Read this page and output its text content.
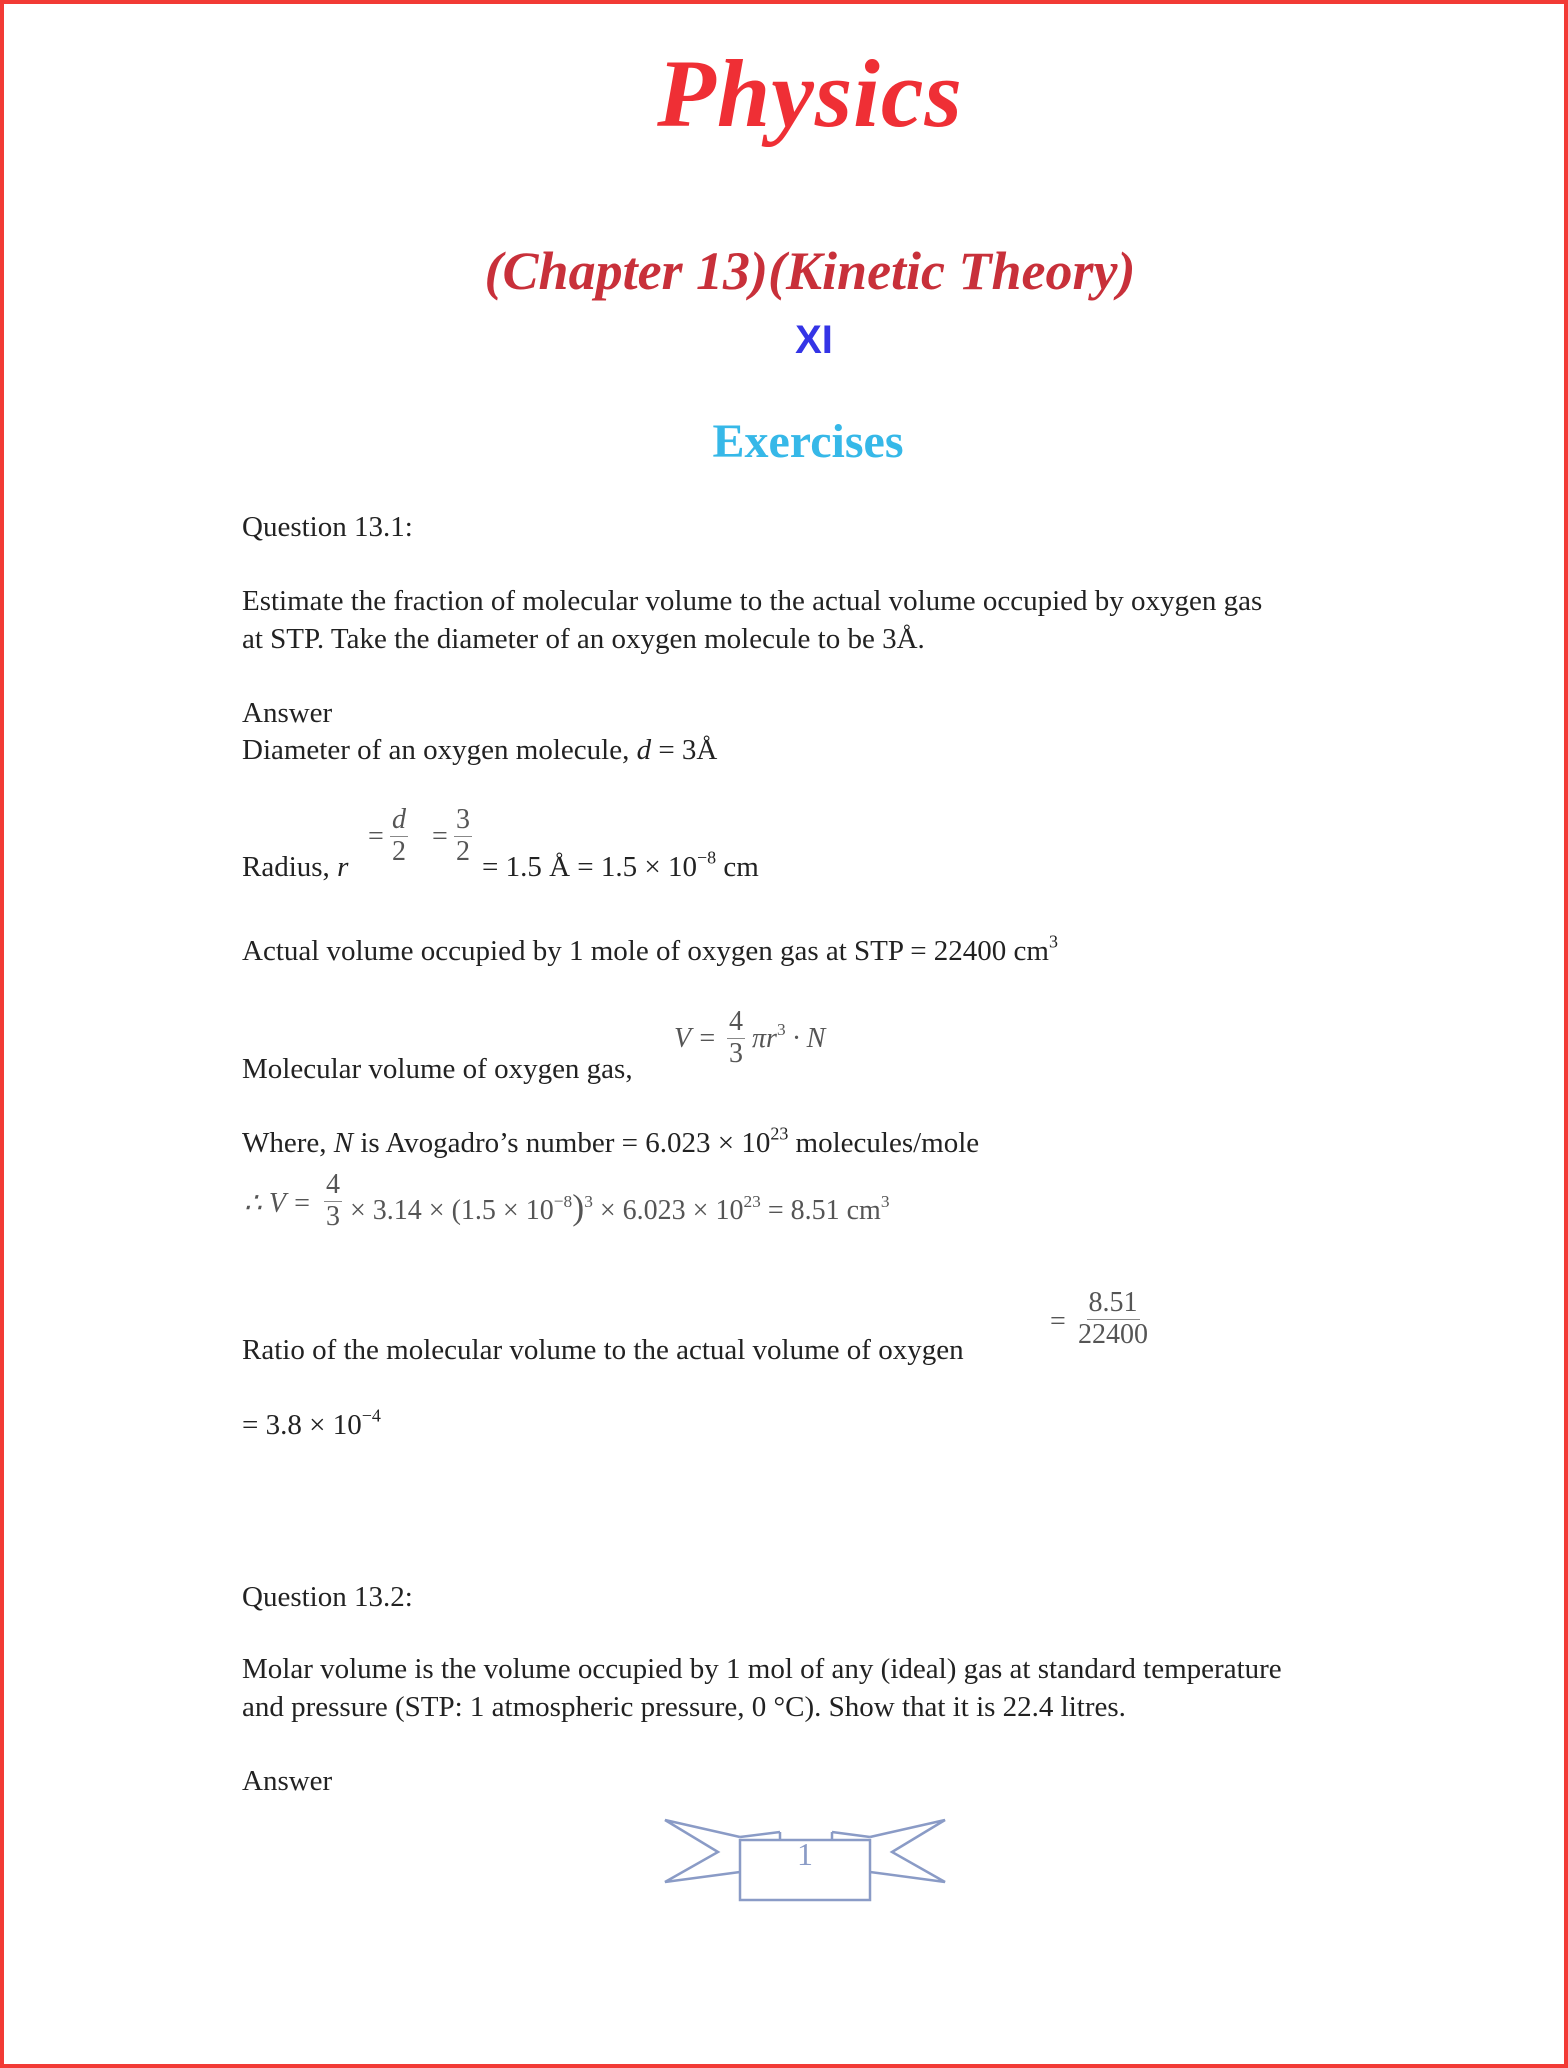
Physics
(Chapter 13)(Kinetic Theory)
XI
Exercises
Question 13.1:
Estimate the fraction of molecular volume to the actual volume occupied by oxygen gas
at STP. Take the diameter of an oxygen molecule to be 3Å.
Answer
Diameter of an oxygen molecule, d = 3Å
Radius, r
= $\frac{d}{2} = \frac{3}{2} = 1.5$ Å = $1.5 \times 10^{-8}$ cm
Actual volume occupied by 1 mole of oxygen gas at STP = 22400 $cm^3$
Molecular volume of oxygen gas,
$V = \frac{4}{3} \pi r^3 \cdot N$
Where, N is Avogadro’s number = $6.023 \times 10^{23}$ molecules/mole
∴ $V = \frac{4}{3} \times 3.14 \times (1.5 \times 10^{-8})^3 \times 6.023 \times 10^{23} = 8.51$ $cm^3$
Ratio of the molecular volume to the actual volume of oxygen
= $\frac{8.51}{22400}$
= $3.8 \times 10^{-4}$
Question 13.2:
Molar volume is the volume occupied by 1 mol of any (ideal) gas at standard temperature
and pressure (STP: 1 atmospheric pressure, 0 °C). Show that it is 22.4 litres.
Answer
1
